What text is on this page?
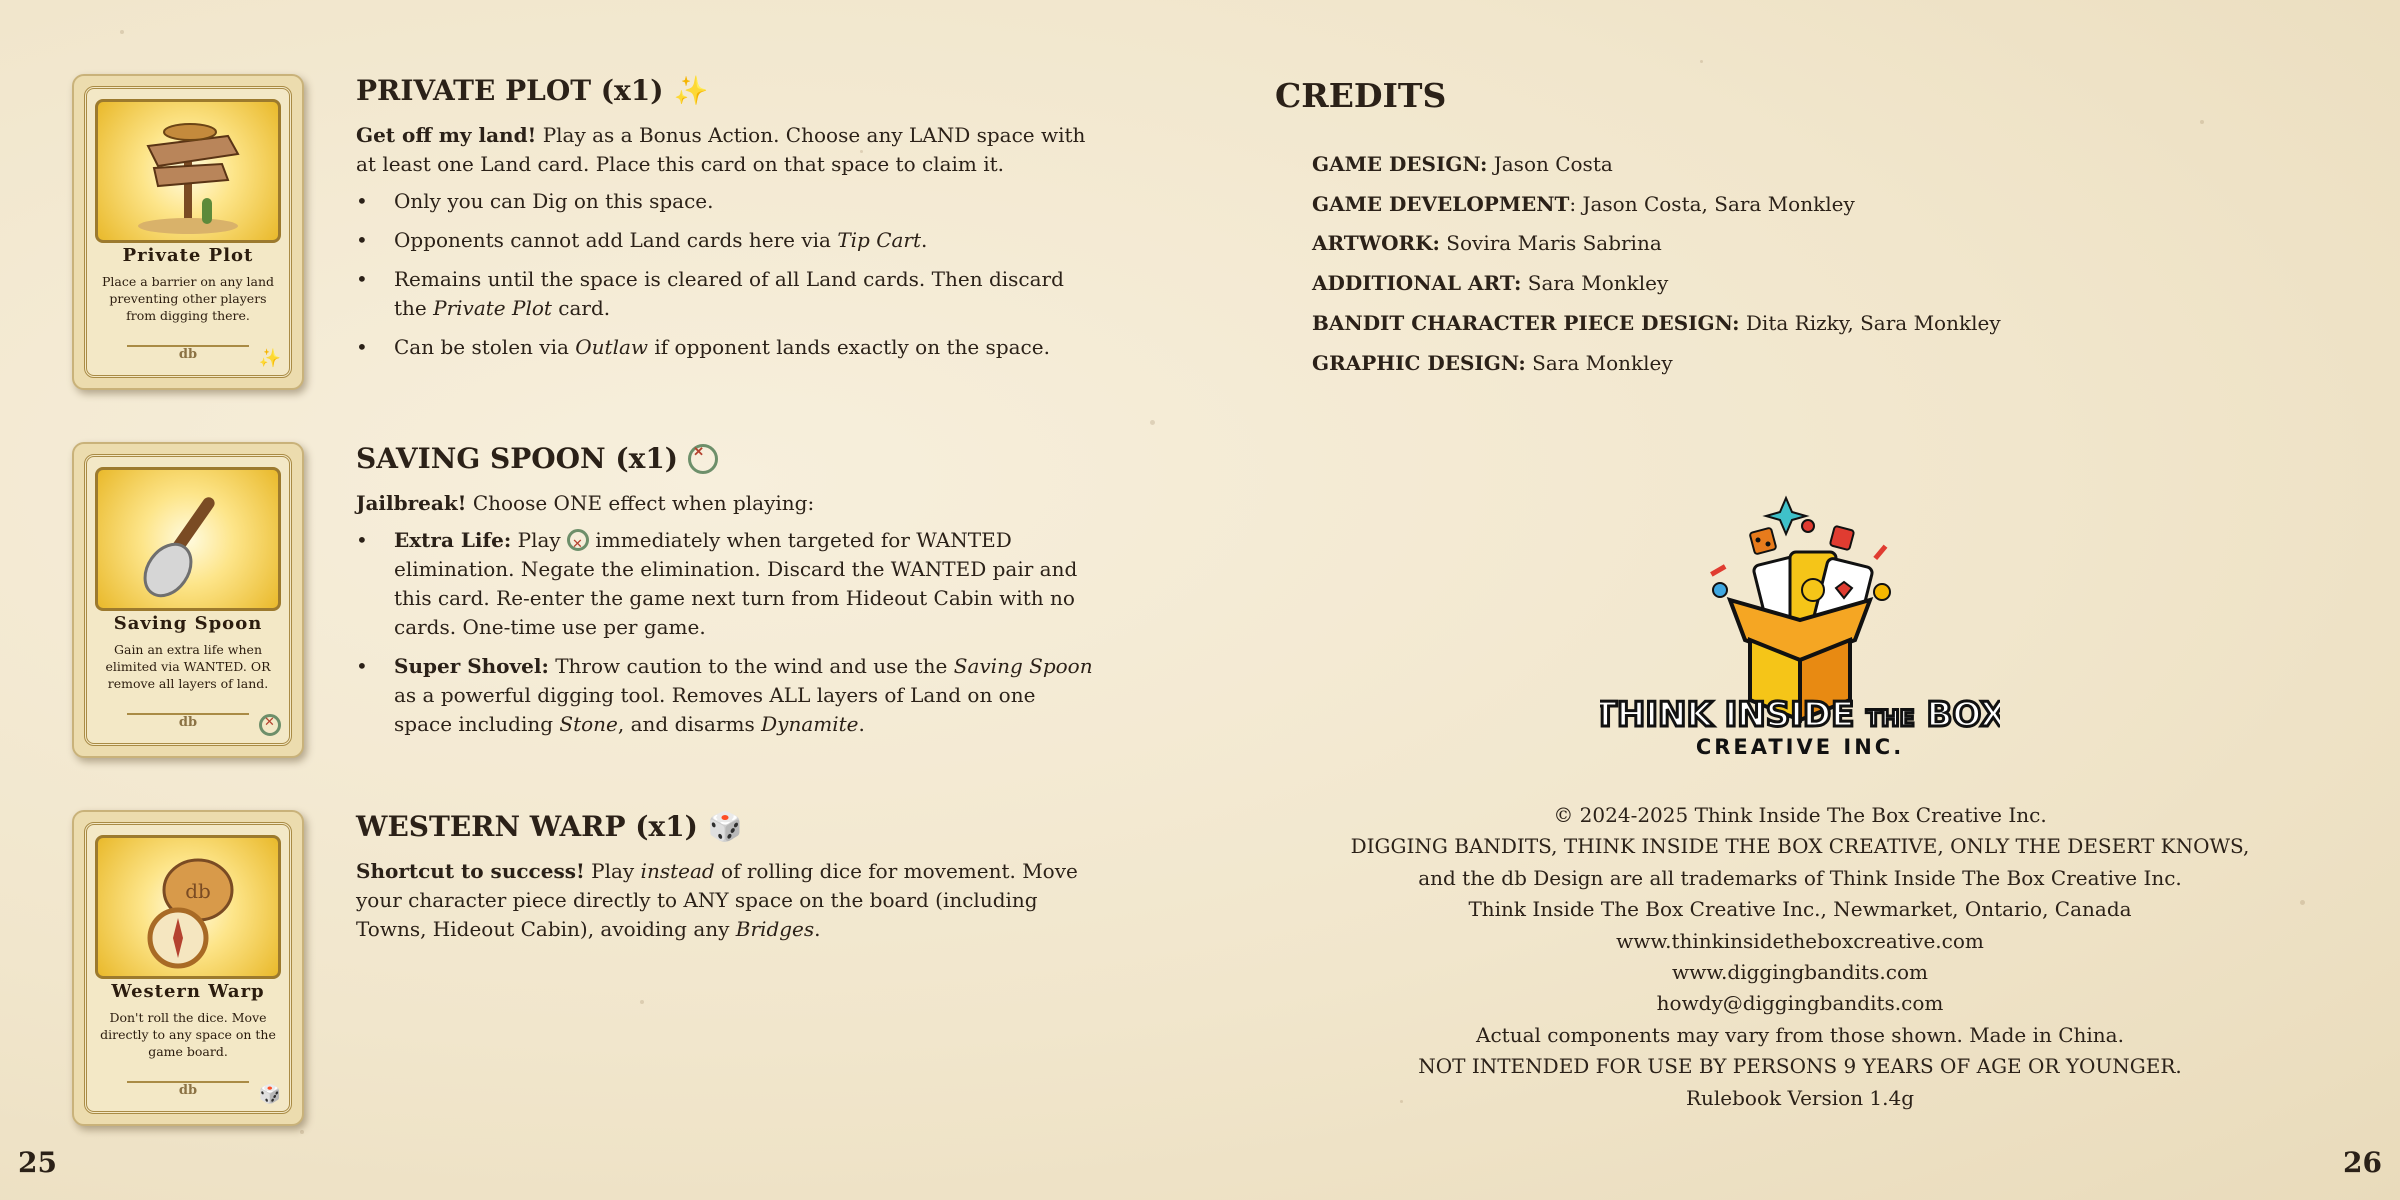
Private Plot
Place a barrier on any land preventing other players from digging there.
db	✨
Saving Spoon
Gain an extra life when elimited via WANTED. OR remove all layers of land.
db
✕
db
Western Warp
Don't roll the dice. Move directly to any space on the game board.
db	🎲
PRIVATE PLOT (x1) ✨

Get off my land! Play as a Bonus Action. Choose any LAND space with at least one Land card. Place this card on that space to claim it.

• Only you can Dig on this space.
• Opponents cannot add Land cards here via Tip Cart.
• Remains until the space is cleared of all Land cards. Then discard the Private Plot card.
• Can be stolen via Outlaw if opponent lands exactly on the space.
SAVING SPOON (x1)
✕

Jailbreak! Choose ONE effect when playing:

• Extra Life: Play ✕ immediately when targeted for WANTED elimination. Negate the elimination. Discard the WANTED pair and this card. Re-enter the game next turn from Hideout Cabin with no cards. One-time use per game.
• Super Shovel: Throw caution to the wind and use the Saving Spoon as a powerful digging tool. Removes ALL layers of Land on one space including Stone, and disarms Dynamite.
WESTERN WARP (x1) 🎲

Shortcut to success! Play instead of rolling dice for movement. Move your character piece directly to ANY space on the board (including Towns, Hideout Cabin), avoiding any Bridges.

CREDITS
GAME DESIGN: Jason Costa
GAME DEVELOPMENT: Jason Costa, Sara Monkley
ARTWORK: Sovira Maris Sabrina
ADDITIONAL ART: Sara Monkley
BANDIT CHARACTER PIECE DESIGN: Dita Rizky, Sara Monkley
GRAPHIC DESIGN: Sara Monkley
THINK INSIDE THE BOX
CREATIVE INC.
© 2024-2025 Think Inside The Box Creative Inc.
DIGGING BANDITS, THINK INSIDE THE BOX CREATIVE, ONLY THE DESERT KNOWS,
and the db Design are all trademarks of Think Inside The Box Creative Inc.
Think Inside The Box Creative Inc., Newmarket, Ontario, Canada
www.thinkinsidetheboxcreative.com
www.diggingbandits.com
howdy@diggingbandits.com
Actual components may vary from those shown. Made in China.
NOT INTENDED FOR USE BY PERSONS 9 YEARS OF AGE OR YOUNGER.
Rulebook Version 1.4g
25	26
